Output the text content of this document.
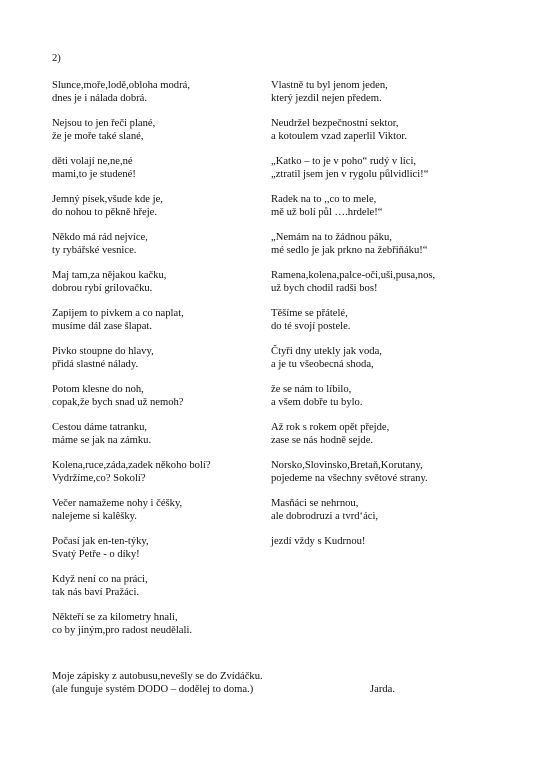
2)
Slunce,moře,lodě,obloha modrá,
dnes je i nálada dobrá.
Nejsou to jen řeči plané,
že je moře také slané,
děti volají ne,ne,né
mami,to je studené!
Jemný písek,všude kde je,
do nohou to pěkně hřeje.
Někdo má rád nejvíce,
ty rybářské vesnice.
Maj tam,za nějakou kačku,
dobrou rybí grilovačku.
Zapijem to pivkem a co naplat,
musíme dál zase šlapat.
Pivko stoupne do hlavy,
přidá slastné nálady.
Potom klesne do noh,
copak,že bych snad už nemoh?
Cestou dáme tatranku,
máme se jak na zámku.
Kolena,ruce,záda,zadek někoho bolí?
Vydržíme,co? Sokolí?
Večer namažeme nohy i čéšky,
nalejeme si kalêšky.
Počasí jak en-ten-týky,
Svatý Petře - o díky!
Když není co na práci,
tak nás baví Pražáci.
Někteří se za kilometry hnali,
co by jiným,pro radost neudělali.
Vlastně tu byl jenom jeden,
který jezdil nejen předem.
Neudržel bezpečnostní sektor,
a kotoulem vzad zaperlil Viktor.
„Katko – to je v poho“ rudý v líci,
„ztratil jsem jen v rygolu půlvidlici!“
Radek na to ,,co to mele,
mě už bolí půl ….hrdele!“
„Nemám na to žádnou páku,
mé sedlo je jak prkno na žebřiňáku!“
Ramena,kolena,palce-oči,uši,pusa,nos,
už bych chodil radši bos!
Těšíme se přátelé,
do té svojí postele.
Čtyři dny utekly jak voda,
a je tu všeobecná shoda,
že se nám to líbilo,
a všem dobře tu bylo.
Až rok s rokem opět přejde,
zase se nás hodně sejde.
Norsko,Slovinsko,Bretaň,Korutany,
pojedeme na všechny světové strany.
Masňáci se nehrnou,
ale dobrodruzi a tvrd‘áci,
jezdí vždy s Kudrnou!
Moje zápisky z autobusu,nevešly se do Zvídáčku.
(ale funguje systém DODO – dodělej to doma.)	Jarda.
